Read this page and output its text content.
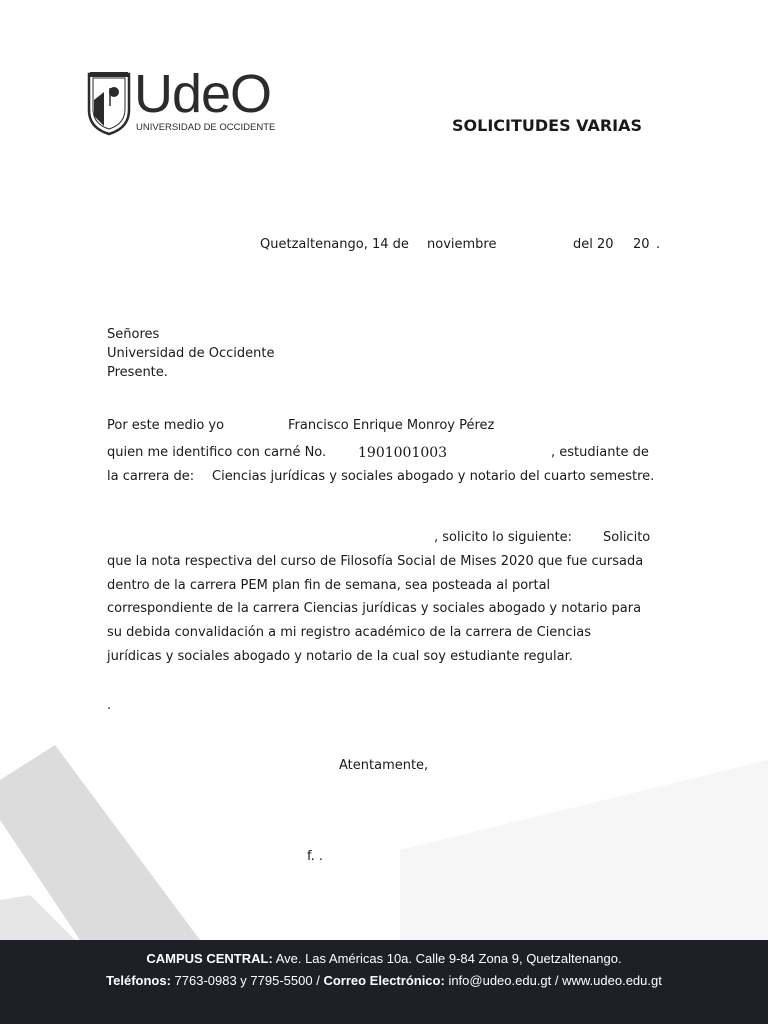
UdeO
UNIVERSIDAD DE OCCIDENTE	SOLICITUDES VARIAS
Quetzaltenango, 14 de noviembre	del 20 20 .
Señores
Universidad de Occidente
Presente.
Por este medio yo	Francisco Enrique Monroy Pérez
quien me identifico con carné No. 1901001003	, estudiante de
la carrera de: Ciencias jurídicas y sociales abogado y notario del cuarto semestre.
, solicito lo siguiente: Solicito
que la nota respectiva del curso de Filosofía Social de Mises 2020 que fue cursada
dentro de la carrera PEM plan fin de semana, sea posteada al portal
correspondiente de la carrera Ciencias jurídicas y sociales abogado y notario para
su debida convalidación a mi registro académico de la carrera de Ciencias
jurídicas y sociales abogado y notario de la cual soy estudiante regular.
.
Atentamente,
f. .
CAMPUS CENTRAL: Ave. Las Américas 10a. Calle 9-84 Zona 9, Quetzaltenango.
Teléfonos: 7763-0983 y 7795-5500 / Correo Electrónico: info@udeo.edu.gt / www.udeo.edu.gt
